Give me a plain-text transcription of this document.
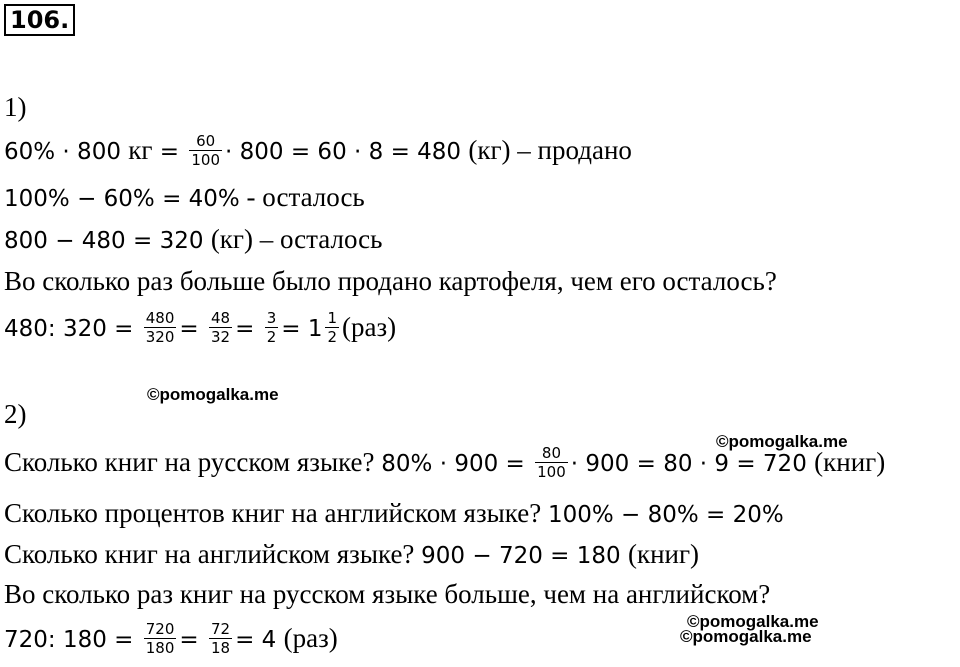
106.
1)
60% · 800 кг = $\frac{60}{100} \cdot 800 = 60 \cdot 8 = 480$ (кг) – продано
100% − 60% = 40% - осталось
800 − 480 = 320 (кг) – осталось
Во сколько раз больше было продано картофеля, чем его осталось?
480: $320 = \frac{480}{320} = \frac{48}{32} = \frac{3}{2} = 1 \frac{1}{2} (раз)$
2)
Сколько книг на русском языке? $80\% \cdot 900 = \frac{80}{100} \cdot 900 = 80 \cdot 9 = 720$ (книг)
Сколько процентов книг на английском языке? 100% − 80% = 20%
Сколько книг на английском языке? 900 − 720 = 180 (книг)
Во сколько раз книг на русском языке больше, чем на английском?
720: $180 = \frac{720}{180} = \frac{72}{18} = 4$ (раз)
©pomogalka.me
©pomogalka.me
©pomogalka.me
©pomogalka.me
